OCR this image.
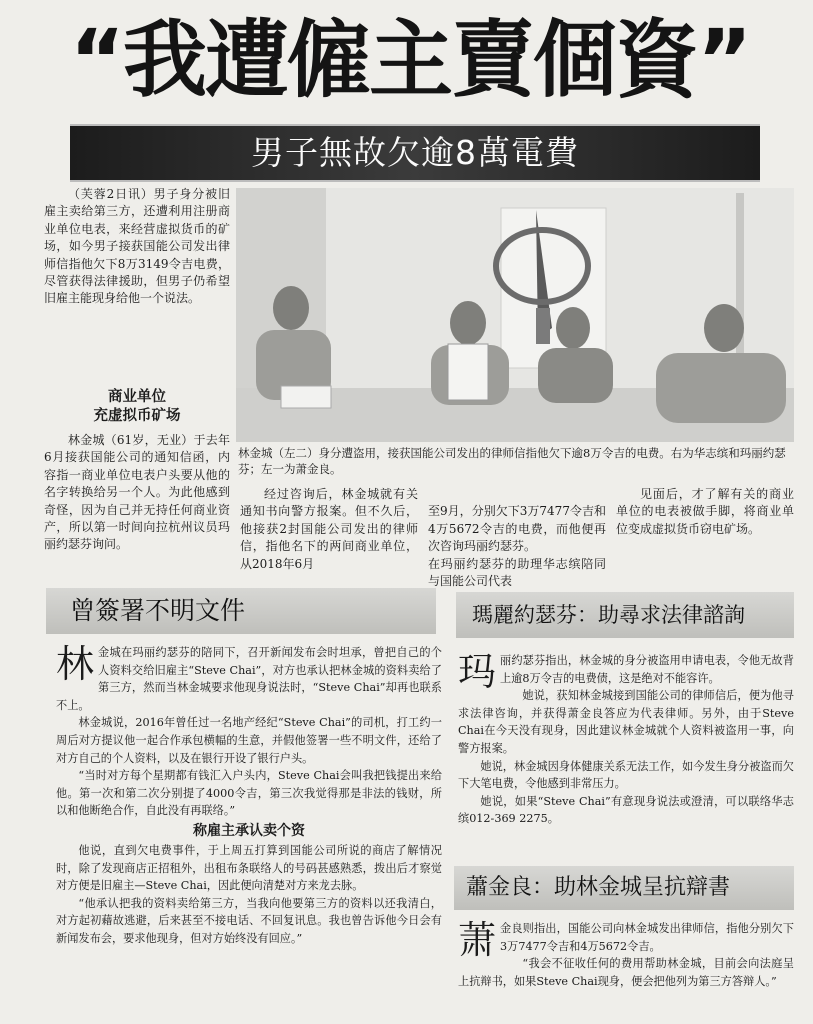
“我遭僱主賣個資”
男子無故欠逾8萬電費

（芙蓉2日讯）男子身分被旧雇主卖给第三方，还遭利用注册商业单位电表，来经营虚拟货币的矿场，如今男子接获国能公司发出律师信指他欠下8万3149令吉电费，尽管获得法律援助，但男子仍希望旧雇主能现身给他一个说法。

商业单位
充虚拟币矿场

林金城（61岁，无业）于去年6月接获国能公司的通知信函，内容指一商业单位电表户头要从他的名字转换给另一个人。为此他感到奇怪，因为自己并无持任何商业资产，所以第一时间向拉杭州议员玛丽约瑟芬询问。

林金城（左二）身分遭盗用，接获国能公司发出的律师信指他欠下逾8万令吉的电费。右为华志缤和玛丽约瑟芬；左一为萧金良。

经过咨询后，林金城就有关通知书向警方报案。但不久后，他接获2封国能公司发出的律师信，指他名下的两间商业单位，从2018年6月

至9月，分别欠下3万7477令吉和4万5672令吉的电费，而他便再次咨询玛丽约瑟芬。
在玛丽约瑟芬的助理华志缤陪同与国能公司代表

见面后，才了解有关的商业单位的电表被做手脚，将商业单位变成虚拟货币窃电矿场。

曾簽署不明文件
林 金城在玛丽约瑟芬的陪同下，召开新闻发布会时坦承，曾把自己的个人资料交给旧雇主“Steve Chai”，对方也承认把林金城的资料卖给了第三方，然而当林金城要求他现身说法时，“Steve Chai”却再也联系不上。

林金城说，2016年曾任过一名地产经纪“Steve Chai”的司机，打工约一周后对方提议他一起合作承包横幅的生意，并假他签署一些不明文件，还给了对方自己的个人资料，以及在银行开设了银行户头。

“当时对方每个星期都有钱汇入户头内，Steve Chai会叫我把钱提出来给他。第一次和第二次分别提了4000令吉，第三次我觉得那是非法的钱财，所以和他断绝合作，自此没有再联络。”

称雇主承认卖个资

他说，直到欠电费事件，于上周五打算到国能公司所说的商店了解情况时，除了发现商店正招租外，出租布条联络人的号码甚感熟悉，拨出后才察觉对方便是旧雇主—Steve Chai，因此便向清楚对方来龙去脉。

“他承认把我的资料卖给第三方，当我向他要第三方的资料以还我清白，对方起初藉故逃避，后来甚至不接电话、不回复讯息。我也曾告诉他今日会有新闻发布会，要求他现身，但对方始终没有回应。”

瑪麗約瑟芬：助尋求法律諮詢
玛 丽约瑟芬指出，林金城的身分被盗用申请电表，令他无故背上逾8万令吉的电费债，这是绝对不能容许。

她说，获知林金城接到国能公司的律师信后，便为他寻求法律咨询，并获得萧金良答应为代表律师。另外，由于Steve Chai在今天没有现身，因此建议林金城就个人资料被盗用一事，向警方报案。

她说，林金城因身体健康关系无法工作，如今发生身分被盗而欠下大笔电费，令他感到非常压力。

她说，如果“Steve Chai”有意现身说法或澄清，可以联络华志缤012-369 2275。

蕭金良：助林金城呈抗辯書
萧 金良则指出，国能公司向林金城发出律师信，指他分别欠下3万7477令吉和4万5672令吉。

“我会不征收任何的费用帮助林金城，目前会向法庭呈上抗辩书，如果Steve Chai现身，便会把他列为第三方答辩人。”
